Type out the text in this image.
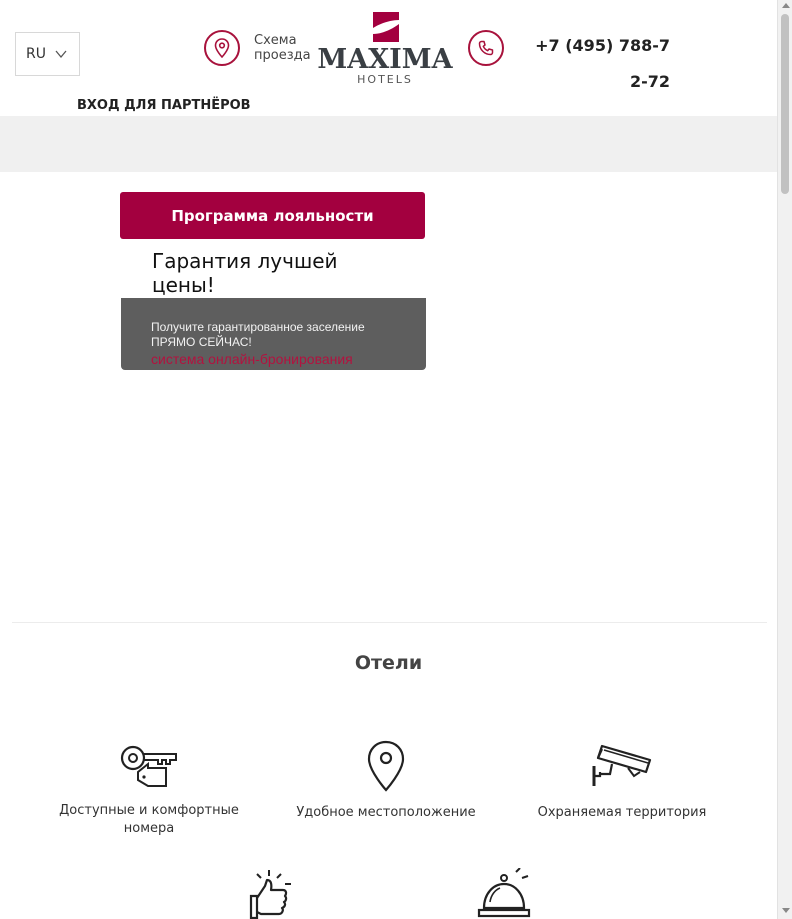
RU
Схема
проезда MAXIMA
HOTELS
+7 (495) 788-72-72
ВХОД ДЛЯ ПАРТНЁРОВ
Программа лояльности
Гарантия лучшей цены!
Получите гарантированное заселение ПРЯМО СЕЙЧАС!
система онлайн-бронирования
Отели
Доступные и комфортные номера
Удобное местоположение	Охраняемая территория
